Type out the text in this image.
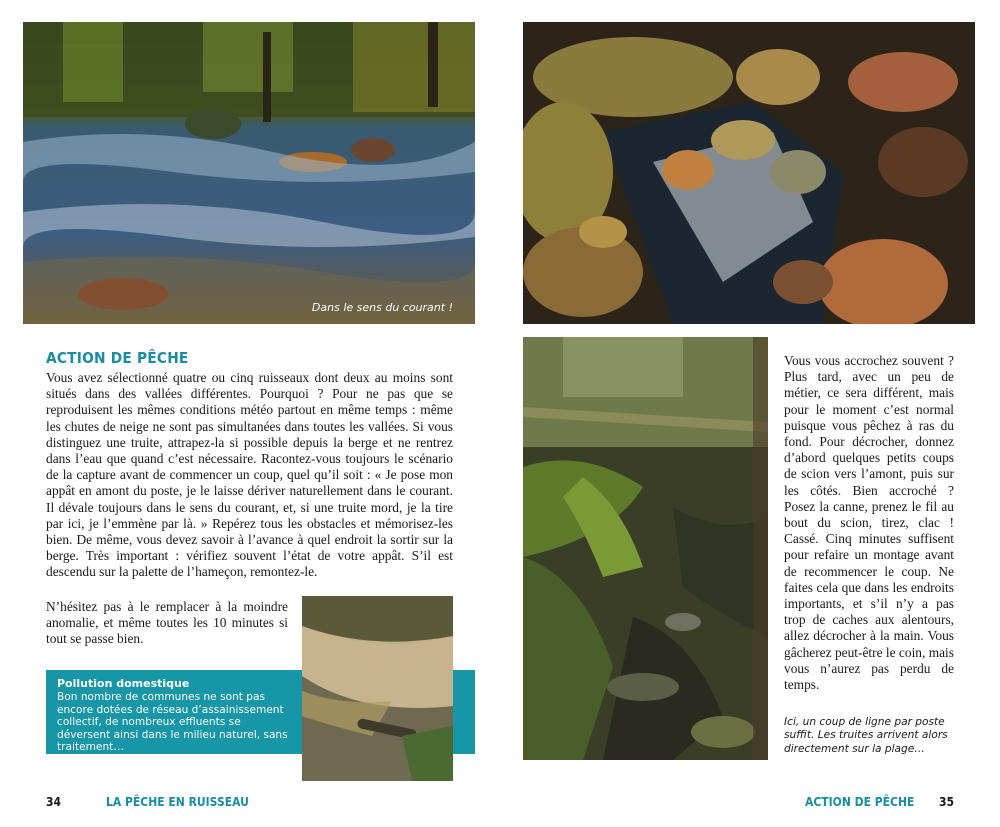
Dans le sens du courant !
ACTION DE PÊCHE

Vous avez sélectionné quatre ou cinq ruisseaux dont deux au moins sont situés dans des vallées différentes. Pourquoi ? Pour ne pas que se reproduisent les mêmes conditions météo partout en même temps : même les chutes de neige ne sont pas simultanées dans toutes les vallées. Si vous distinguez une truite, attrapez-la si possible depuis la berge et ne rentrez dans l’eau que quand c’est nécessaire. Racontez-vous toujours le scénario de la capture avant de commencer un coup, quel qu’il soit : « Je pose mon appât en amont du poste, je le laisse dériver naturellement dans le courant. Il dévale toujours dans le sens du courant, et, si une truite mord, je la tire par ici, je l’emmène par là. » Repérez tous les obstacles et mémorisez-les bien. De même, vous devez savoir à l’avance à quel endroit la sortir sur la berge. Très important : vérifiez souvent l’état de votre appât. S’il est descendu sur la palette de l’hameçon, remontez-le.

N’hésitez pas à le remplacer à la moindre anomalie, et même toutes les 10 minutes si tout se passe bien.

Pollution domestique

Bon nombre de communes ne sont pas encore dotées de réseau d’assainissement collectif, de nombreux effluents se déversent ainsi dans le milieu naturel, sans traitement…

Vous vous accrochez souvent ? Plus tard, avec un peu de métier, ce sera différent, mais pour le moment c’est normal puisque vous pêchez à ras du fond. Pour décrocher, donnez d’abord quelques petits coups de scion vers l’amont, puis sur les côtés. Bien accroché ? Posez la canne, prenez le fil au bout du scion, tirez, clac ! Cassé. Cinq minutes suffisent pour refaire un montage avant de recommencer le coup. Ne faites cela que dans les endroits importants, et s’il n’y a pas trop de caches aux alentours, allez décrocher à la main. Vous gâcherez peut-être le coin, mais vous n’aurez pas perdu de temps.

Ici, un coup de ligne par poste suffit. Les truites arrivent alors directement sur la plage…

34	LA PÊCHE EN RUISSEAU	ACTION DE PÊCHE 35
